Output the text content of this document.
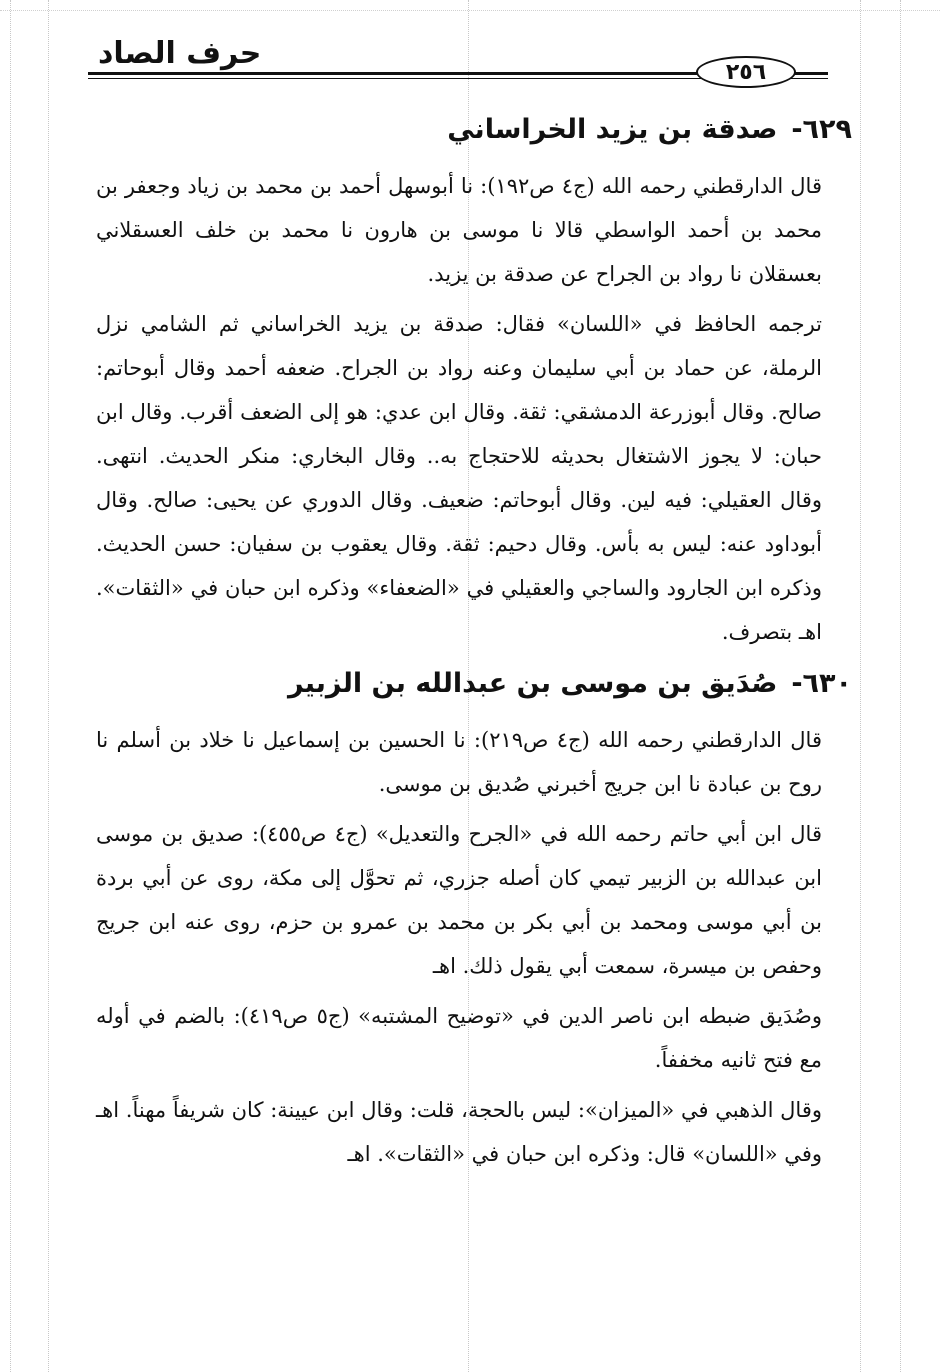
حرف الصاد
٢٥٦
٦٢٩-صدقة بن يزيد الخراساني

قال الدارقطني رحمه الله (ج٤ ص١٩٢): نا أبوسهل أحمد بن محمد بن زياد وجعفر بن محمد بن أحمد الواسطي قالا نا موسى بن هارون نا محمد بن خلف العسقلاني بعسقلان نا رواد بن الجراح عن صدقة بن يزيد.

ترجمه الحافظ في «اللسان» فقال: صدقة بن يزيد الخراساني ثم الشامي نزل الرملة، عن حماد بن أبي سليمان وعنه رواد بن الجراح. ضعفه أحمد وقال أبوحاتم: صالح. وقال أبوزرعة الدمشقي: ثقة. وقال ابن عدي: هو إلى الضعف أقرب. وقال ابن حبان: لا يجوز الاشتغال بحديثه للاحتجاج به.. وقال البخاري: منكر الحديث. انتهى. وقال العقيلي: فيه لين. وقال أبوحاتم: ضعيف. وقال الدوري عن يحيى: صالح. وقال أبوداود عنه: ليس به بأس. وقال دحيم: ثقة. وقال يعقوب بن سفيان: حسن الحديث. وذكره ابن الجارود والساجي والعقيلي في «الضعفاء» وذكره ابن حبان في «الثقات». اهـ بتصرف.

٦٣٠-صُدَيق بن موسى بن عبدالله بن الزبير

قال الدارقطني رحمه الله (ج٤ ص٢١٩): نا الحسين بن إسماعيل نا خلاد بن أسلم نا روح بن عبادة نا ابن جريج أخبرني صُديق بن موسى.

قال ابن أبي حاتم رحمه الله في «الجرح والتعديل» (ج٤ ص٤٥٥): صديق بن موسى ابن عبدالله بن الزبير تيمي كان أصله جزري، ثم تحوَّل إلى مكة، روى عن أبي بردة بن أبي موسى ومحمد بن أبي بكر بن محمد بن عمرو بن حزم، روى عنه ابن جريج وحفص بن ميسرة، سمعت أبي يقول ذلك. اهـ

وصُدَيق ضبطه ابن ناصر الدين في «توضيح المشتبه» (ج٥ ص٤١٩): بالضم في أوله مع فتح ثانيه مخففاً.

وقال الذهبي في «الميزان»: ليس بالحجة، قلت: وقال ابن عيينة: كان شريفاً مهناً. اهـ وفي «اللسان» قال: وذكره ابن حبان في «الثقات». اهـ
